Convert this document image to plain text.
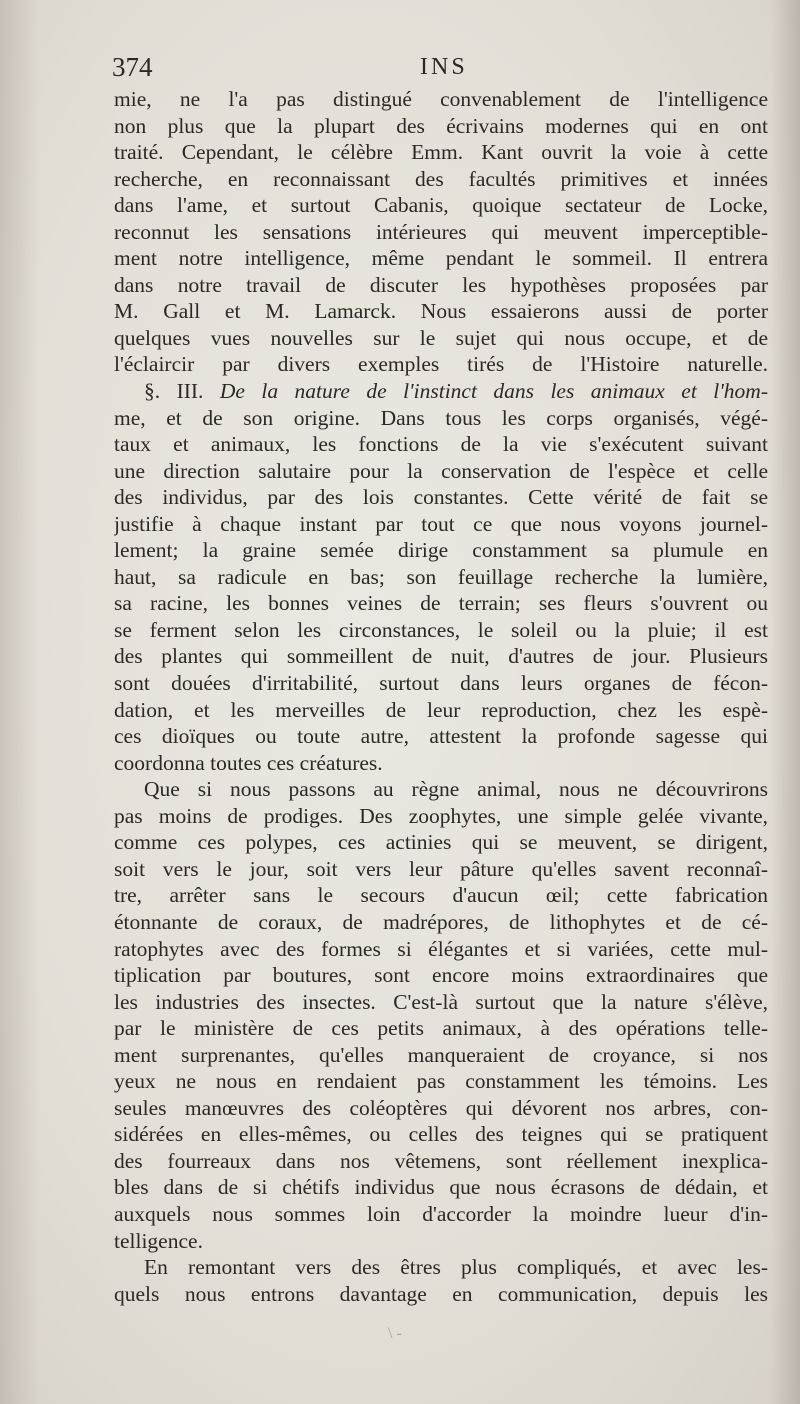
374	INS
mie, ne l'a pas distingué convenablement de l'intelligence
non plus que la plupart des écrivains modernes qui en ont
traité. Cependant, le célèbre Emm. Kant ouvrit la voie à cette
recherche, en reconnaissant des facultés primitives et innées
dans l'ame, et surtout Cabanis, quoique sectateur de Locke,
reconnut les sensations intérieures qui meuvent imperceptible-
ment notre intelligence, même pendant le sommeil. Il entrera
dans notre travail de discuter les hypothèses proposées par
M. Gall et M. Lamarck. Nous essaierons aussi de porter
quelques vues nouvelles sur le sujet qui nous occupe, et de
l'éclaircir par divers exemples tirés de l'Histoire naturelle.
§. III. De la nature de l'instinct dans les animaux et l'hom-
me, et de son origine. Dans tous les corps organisés, végé-
taux et animaux, les fonctions de la vie s'exécutent suivant
une direction salutaire pour la conservation de l'espèce et celle
des individus, par des lois constantes. Cette vérité de fait se
justifie à chaque instant par tout ce que nous voyons journel-
lement; la graine semée dirige constamment sa plumule en
haut, sa radicule en bas; son feuillage recherche la lumière,
sa racine, les bonnes veines de terrain; ses fleurs s'ouvrent ou
se ferment selon les circonstances, le soleil ou la pluie; il est
des plantes qui sommeillent de nuit, d'autres de jour. Plusieurs
sont douées d'irritabilité, surtout dans leurs organes de fécon-
dation, et les merveilles de leur reproduction, chez les espè-
ces dioïques ou toute autre, attestent la profonde sagesse qui
coordonna toutes ces créatures.
Que si nous passons au règne animal, nous ne découvrirons
pas moins de prodiges. Des zoophytes, une simple gelée vivante,
comme ces polypes, ces actinies qui se meuvent, se dirigent,
soit vers le jour, soit vers leur pâture qu'elles savent reconnaî-
tre, arrêter sans le secours d'aucun œil; cette fabrication
étonnante de coraux, de madrépores, de lithophytes et de cé-
ratophytes avec des formes si élégantes et si variées, cette mul-
tiplication par boutures, sont encore moins extraordinaires que
les industries des insectes. C'est-là surtout que la nature s'élève,
par le ministère de ces petits animaux, à des opérations telle-
ment surprenantes, qu'elles manqueraient de croyance, si nos
yeux ne nous en rendaient pas constamment les témoins. Les
seules manœuvres des coléoptères qui dévorent nos arbres, con-
sidérées en elles-mêmes, ou celles des teignes qui se pratiquent
des fourreaux dans nos vêtemens, sont réellement inexplica-
bles dans de si chétifs individus que nous écrasons de dédain, et
auxquels nous sommes loin d'accorder la moindre lueur d'in-
telligence.
En remontant vers des êtres plus compliqués, et avec les-
quels nous entrons davantage en communication, depuis les
\ -
